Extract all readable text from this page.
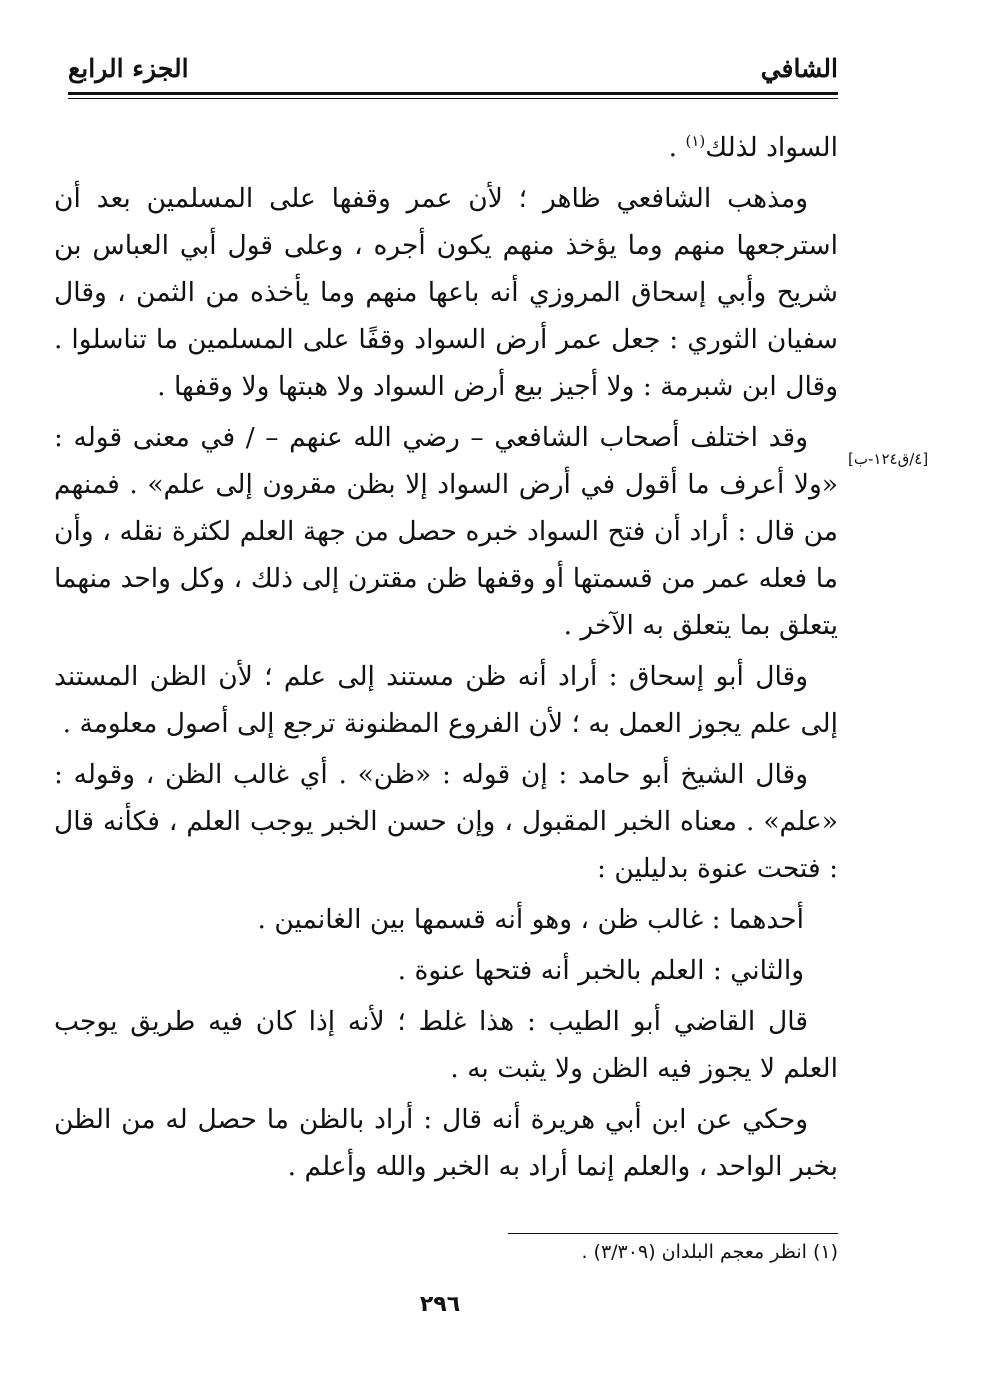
الشافي
الجزء الرابع
[٤/ق١٢٤-ب]

السواد لذلك$^{(١)}$ .

ومذهب الشافعي ظاهر ؛ لأن عمر وقفها على المسلمين بعد أن استرجعها منهم وما يؤخذ منهم يكون أجره ، وعلى قول أبي العباس بن شريح وأبي إسحاق المروزي أنه باعها منهم وما يأخذه من الثمن ، وقال سفيان الثوري : جعل عمر أرض السواد وقفًا على المسلمين ما تناسلوا . وقال ابن شبرمة : ولا أجيز بيع أرض السواد ولا هبتها ولا وقفها .

وقد اختلف أصحاب الشافعي – رضي الله عنهم – / في معنى قوله : «ولا أعرف ما أقول في أرض السواد إلا بظن مقرون إلى علم» . فمنهم من قال : أراد أن فتح السواد خبره حصل من جهة العلم لكثرة نقله ، وأن ما فعله عمر من قسمتها أو وقفها ظن مقترن إلى ذلك ، وكل واحد منهما يتعلق بما يتعلق به الآخر .

وقال أبو إسحاق : أراد أنه ظن مستند إلى علم ؛ لأن الظن المستند إلى علم يجوز العمل به ؛ لأن الفروع المظنونة ترجع إلى أصول معلومة .

وقال الشيخ أبو حامد : إن قوله : «ظن» . أي غالب الظن ، وقوله : «علم» . معناه الخبر المقبول ، وإن حسن الخبر يوجب العلم ، فكأنه قال : فتحت عنوة بدليلين :

أحدهما : غالب ظن ، وهو أنه قسمها بين الغانمين .

والثاني : العلم بالخبر أنه فتحها عنوة .

قال القاضي أبو الطيب : هذا غلط ؛ لأنه إذا كان فيه طريق يوجب العلم لا يجوز فيه الظن ولا يثبت به .

وحكي عن ابن أبي هريرة أنه قال : أراد بالظن ما حصل له من الظن بخبر الواحد ، والعلم إنما أراد به الخبر والله وأعلم .

(١) انظر معجم البلدان (٣/٣٠٩) .
٢٩٦
